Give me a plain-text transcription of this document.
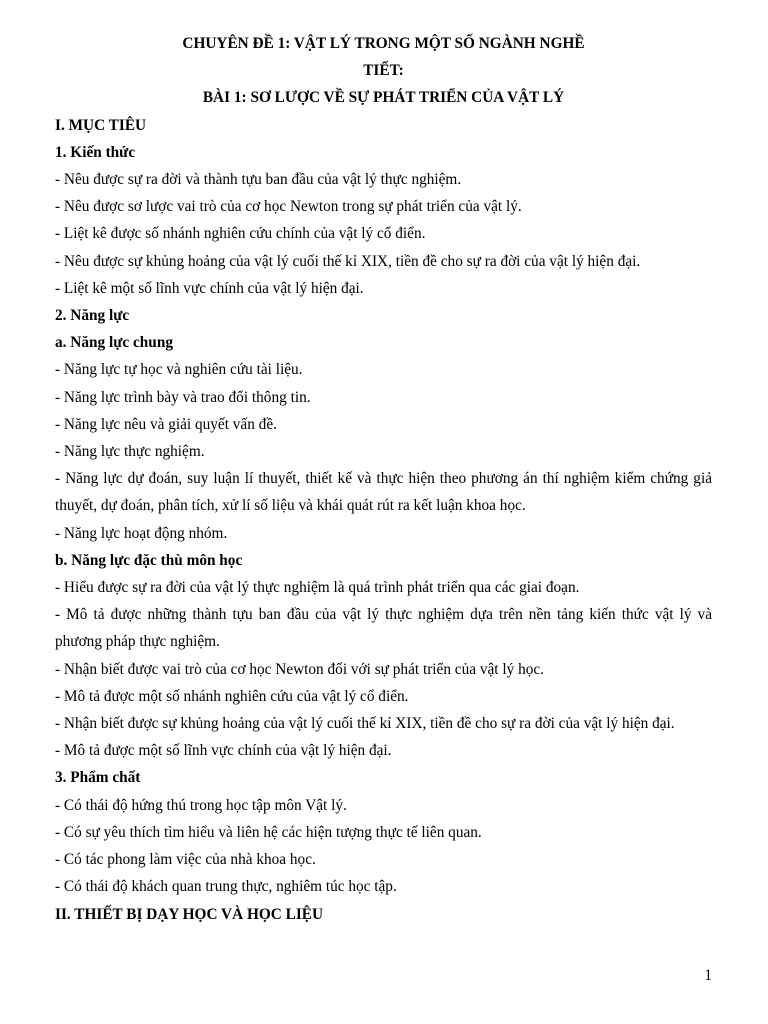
CHUYÊN ĐỀ 1: VẬT LÝ TRONG MỘT SỐ NGÀNH NGHỀ
TIẾT:
BÀI 1: SƠ LƯỢC VỀ SỰ PHÁT TRIỂN CỦA VẬT LÝ
I. MỤC TIÊU
1. Kiến thức
- Nêu được sự ra đời và thành tựu ban đầu của vật lý thực nghiệm.
- Nêu được sơ lược vai trò của cơ học Newton trong sự phát triển của vật lý.
- Liệt kê được số nhánh nghiên cứu chính của vật lý cổ điển.
- Nêu được sự khủng hoảng của vật lý cuối thế kỉ XIX, tiền đề cho sự ra đời của vật lý hiện đại.
- Liệt kê một số lĩnh vực chính của vật lý hiện đại.
2. Năng lực
a. Năng lực chung
- Năng lực tự học và nghiên cứu tài liệu.
- Năng lực trình bày và trao đổi thông tin.
- Năng lực nêu và giải quyết vấn đề.
- Năng lực thực nghiệm.
- Năng lực dự đoán, suy luận lí thuyết, thiết kế và thực hiện theo phương án thí nghiệm kiểm chứng giả thuyết, dự đoán, phân tích, xử lí số liệu và khái quát rút ra kết luận khoa học.
- Năng lực hoạt động nhóm.
b. Năng lực đặc thù môn học
- Hiểu được sự ra đời của vật lý thực nghiệm là quá trình phát triển qua các giai đoạn.
- Mô tả được những thành tựu ban đầu của vật lý thực nghiệm dựa trên nền tảng kiến thức vật lý và phương pháp thực nghiệm.
- Nhận biết được vai trò của cơ học Newton đối với sự phát triển của vật lý học.
- Mô tả được một số nhánh nghiên cứu của vật lý cổ điển.
- Nhận biết được sự khủng hoảng của vật lý cuối thế kỉ XIX, tiền đề cho sự ra đời của vật lý hiện đại.
- Mô tả được một số lĩnh vực chính của vật lý hiện đại.
3. Phẩm chất
- Có thái độ hứng thú trong học tập môn Vật lý.
- Có sự yêu thích tìm hiểu và liên hệ các hiện tượng thực tế liên quan.
- Có tác phong làm việc của nhà khoa học.
- Có thái độ khách quan trung thực, nghiêm túc học tập.
II. THIẾT BỊ DẠY HỌC VÀ HỌC LIỆU
1
